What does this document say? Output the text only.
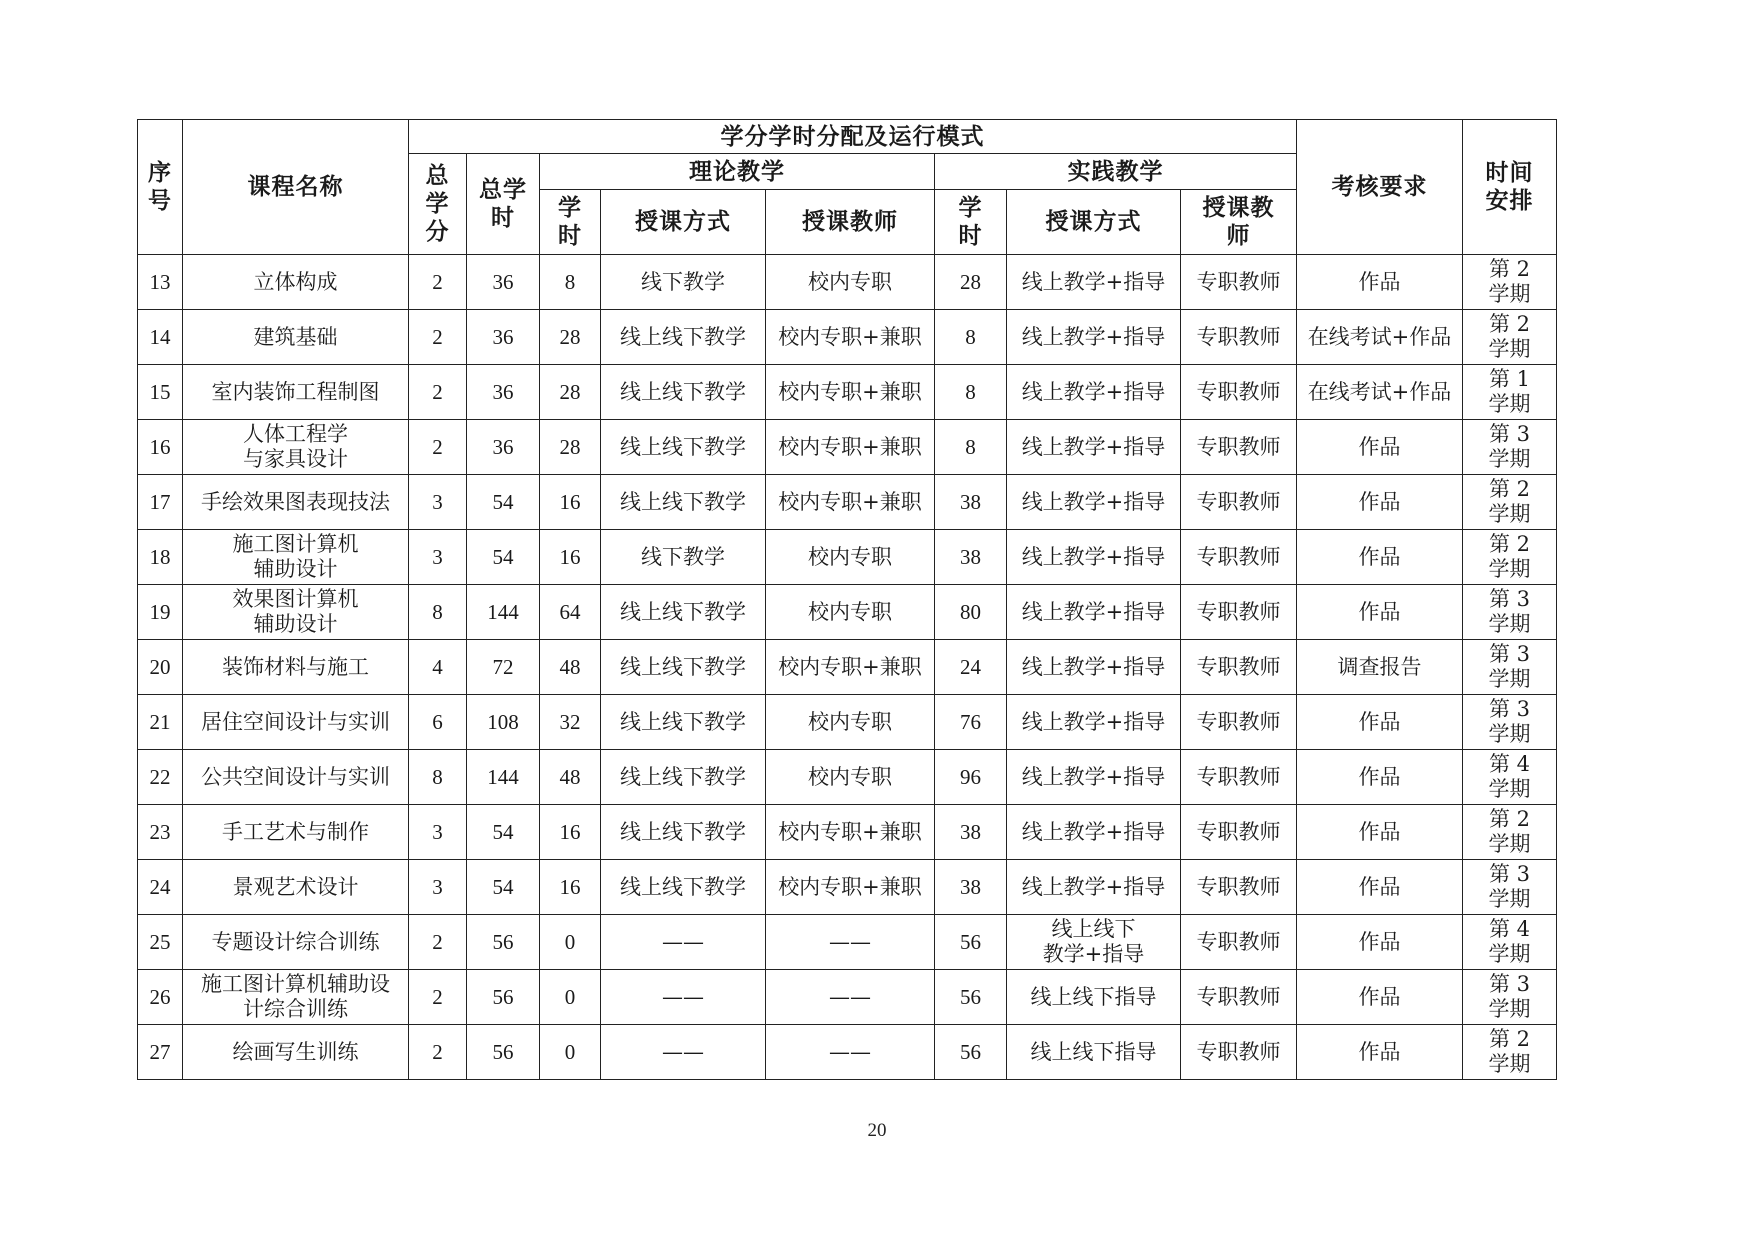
序
号	课程名称	学分学时分配及运行模式								考核要求	时间
安排

		总
学
分	总学
时	理论教学			实践教学				

				学
时	授课方式	授课教师	学
时	授课方式	授课教
师		

13	立体构成	2	36	8	线下教学	校内专职	28	线上教学+指导	专职教师	作品	第 2
学期

14	建筑基础	2	36	28	线上线下教学	校内专职+兼职	8	线上教学+指导	专职教师	在线考试+作品	第 2
学期

15	室内装饰工程制图	2	36	28	线上线下教学	校内专职+兼职	8	线上教学+指导	专职教师	在线考试+作品	第 1
学期

16	人体工程学
与家具设计	2	36	28	线上线下教学	校内专职+兼职	8	线上教学+指导	专职教师	作品	第 3
学期

17	手绘效果图表现技法	3	54	16	线上线下教学	校内专职+兼职	38	线上教学+指导	专职教师	作品	第 2
学期

18	施工图计算机
辅助设计	3	54	16	线下教学	校内专职	38	线上教学+指导	专职教师	作品	第 2
学期

19	效果图计算机
辅助设计	8	144	64	线上线下教学	校内专职	80	线上教学+指导	专职教师	作品	第 3
学期

20	装饰材料与施工	4	72	48	线上线下教学	校内专职+兼职	24	线上教学+指导	专职教师	调查报告	第 3
学期

21	居住空间设计与实训	6	108	32	线上线下教学	校内专职	76	线上教学+指导	专职教师	作品	第 3
学期

22	公共空间设计与实训	8	144	48	线上线下教学	校内专职	96	线上教学+指导	专职教师	作品	第 4
学期

23	手工艺术与制作	3	54	16	线上线下教学	校内专职+兼职	38	线上教学+指导	专职教师	作品	第 2
学期

24	景观艺术设计	3	54	16	线上线下教学	校内专职+兼职	38	线上教学+指导	专职教师	作品	第 3
学期

25	专题设计综合训练	2	56	0	——	——	56	线上线下
教学+指导	专职教师	作品	第 4
学期

26	施工图计算机辅助设
计综合训练	2	56	0	——	——	56	线上线下指导	专职教师	作品	第 3
学期

27	绘画写生训练	2	56	0	——	——	56	线上线下指导	专职教师	作品	第 2
学期
20
